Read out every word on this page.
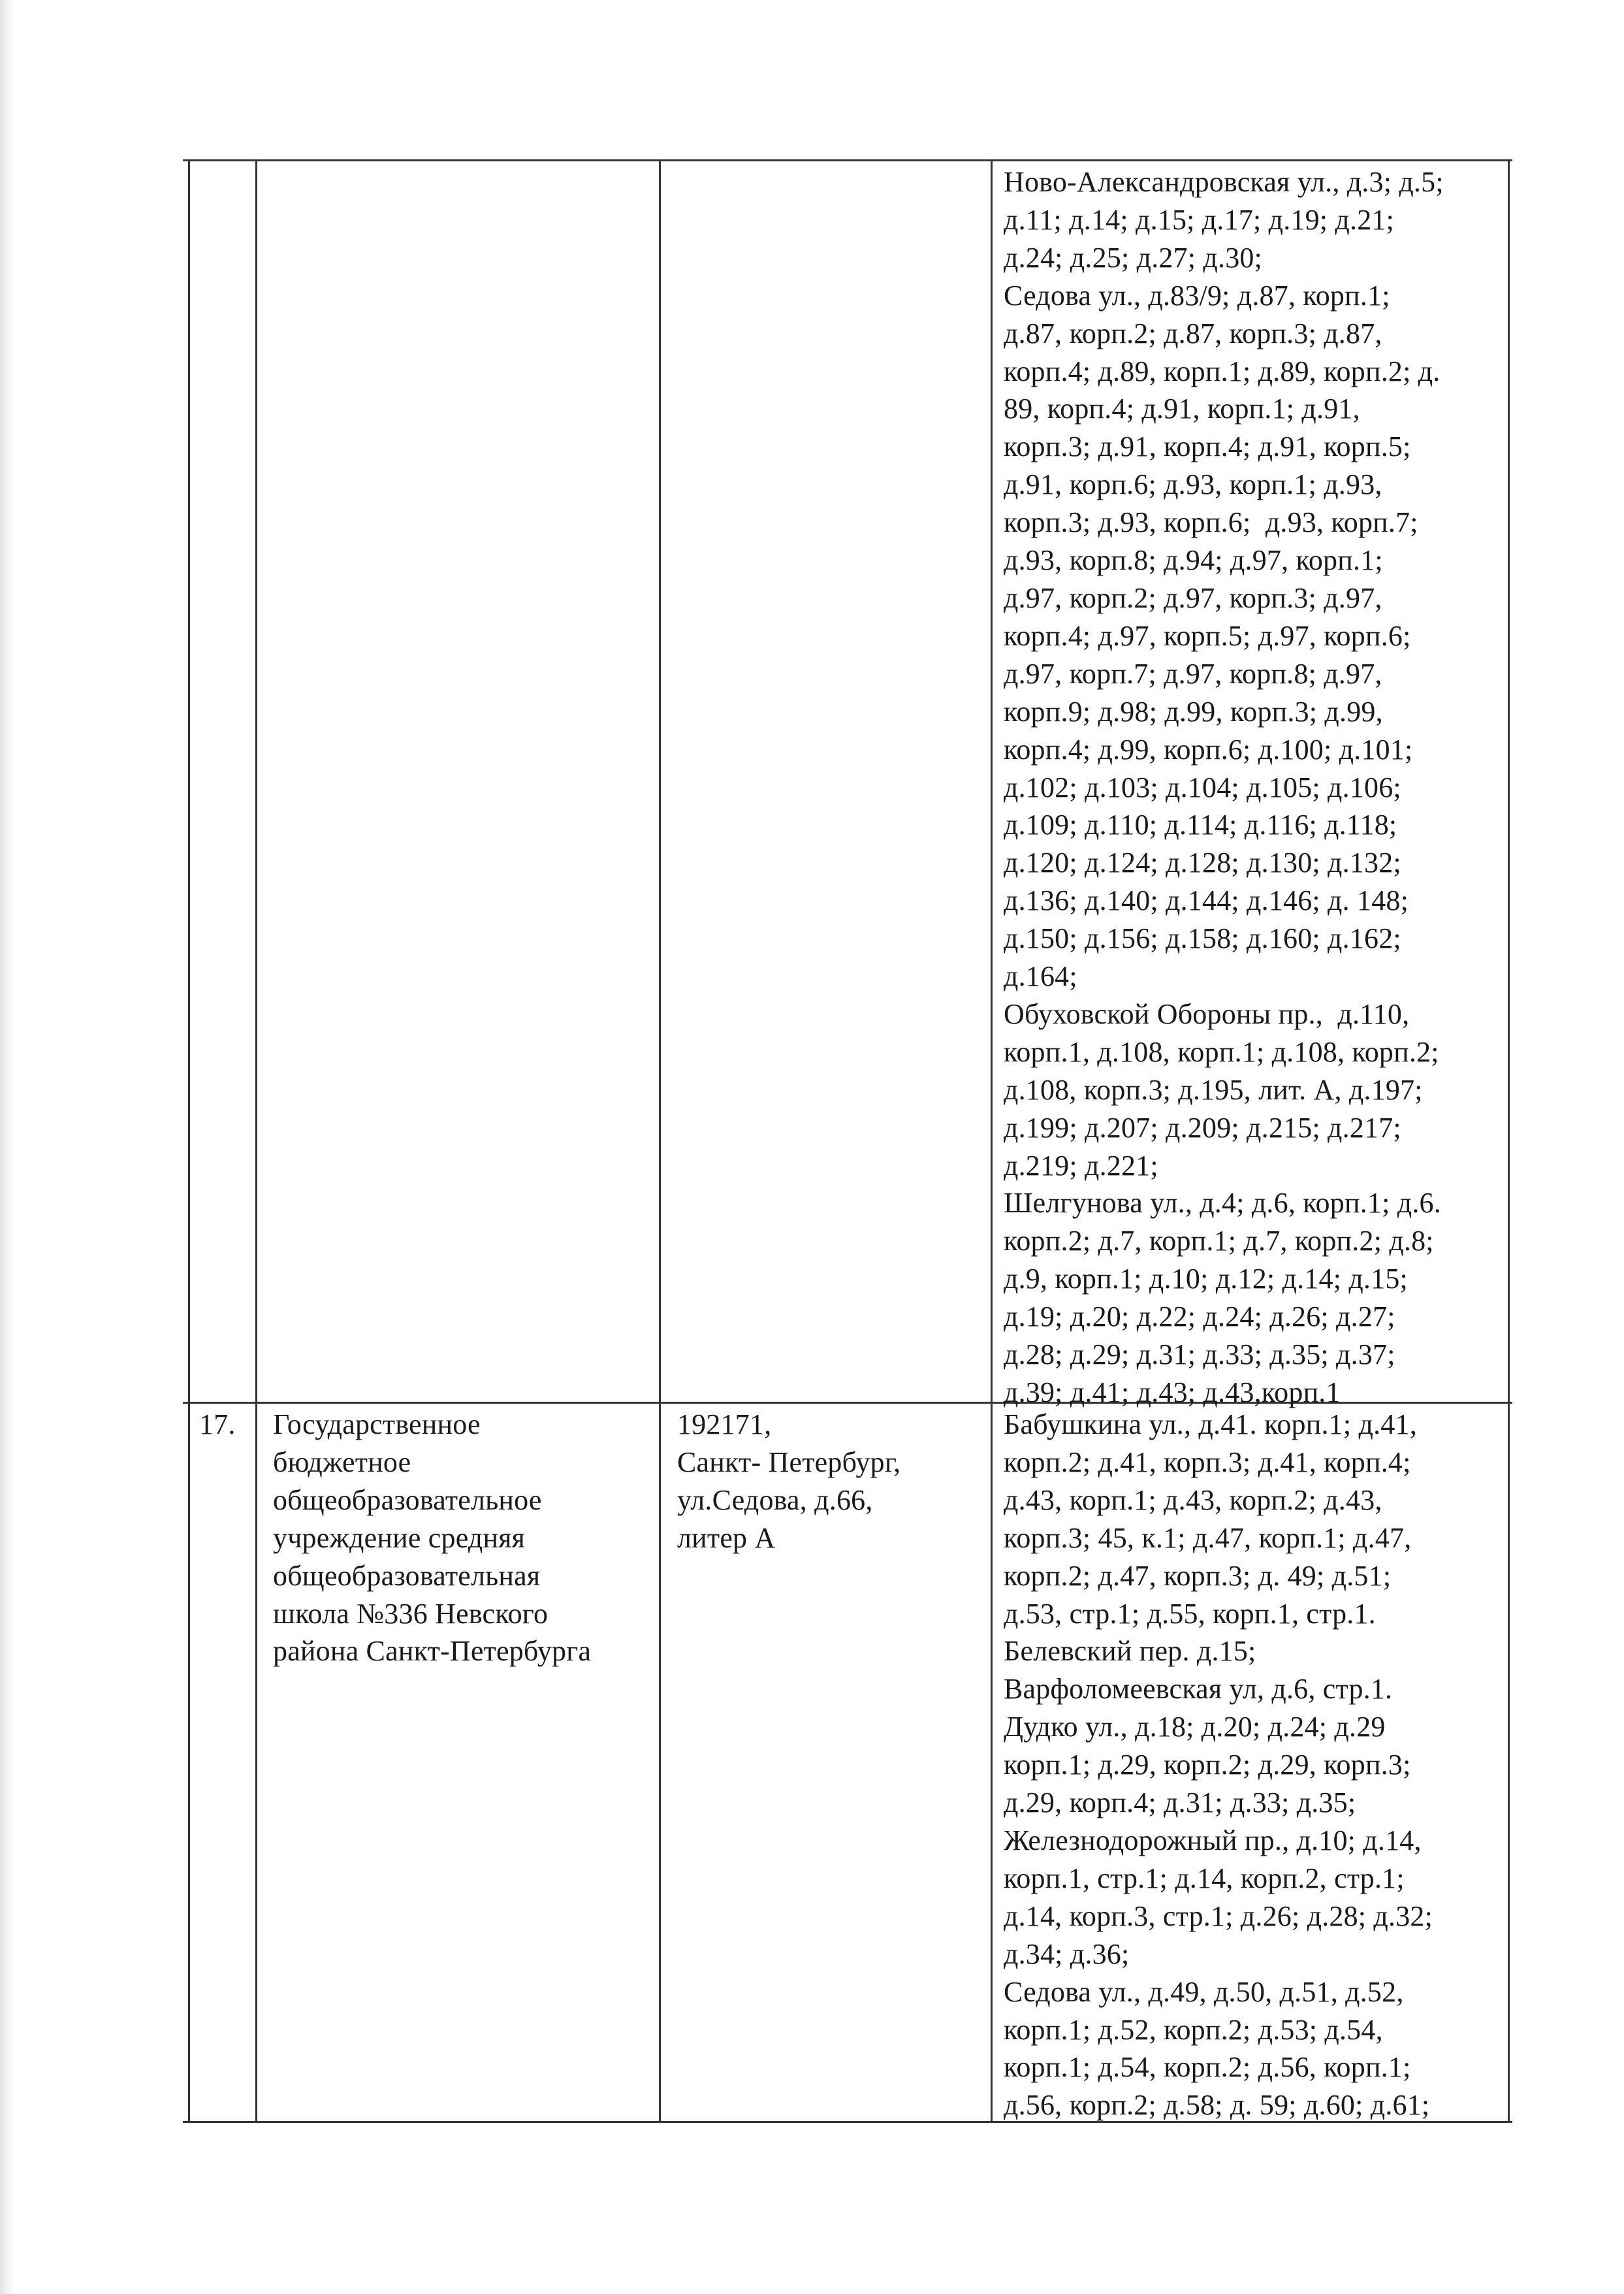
Ново-Александровская ул., д.3; д.5;
д.11; д.14; д.15; д.17; д.19; д.21;
д.24; д.25; д.27; д.30;
Седова ул., д.83/9; д.87, корп.1;
д.87, корп.2; д.87, корп.3; д.87,
корп.4; д.89, корп.1; д.89, корп.2; д.
89, корп.4; д.91, корп.1; д.91,
корп.3; д.91, корп.4; д.91, корп.5;
д.91, корп.6; д.93, корп.1; д.93,
корп.3; д.93, корп.6;  д.93, корп.7;
д.93, корп.8; д.94; д.97, корп.1;
д.97, корп.2; д.97, корп.3; д.97,
корп.4; д.97, корп.5; д.97, корп.6;
д.97, корп.7; д.97, корп.8; д.97,
корп.9; д.98; д.99, корп.3; д.99,
корп.4; д.99, корп.6; д.100; д.101;
д.102; д.103; д.104; д.105; д.106;
д.109; д.110; д.114; д.116; д.118;
д.120; д.124; д.128; д.130; д.132;
д.136; д.140; д.144; д.146; д. 148;
д.150; д.156; д.158; д.160; д.162;
д.164;
Обуховской Обороны пр.,  д.110,
корп.1, д.108, корп.1; д.108, корп.2;
д.108, корп.3; д.195, лит. А, д.197;
д.199; д.207; д.209; д.215; д.217;
д.219; д.221;
Шелгунова ул., д.4; д.6, корп.1; д.6.
корп.2; д.7, корп.1; д.7, корп.2; д.8;
д.9, корп.1; д.10; д.12; д.14; д.15;
д.19; д.20; д.22; д.24; д.26; д.27;
д.28; д.29; д.31; д.33; д.35; д.37;
д.39; д.41; д.43; д.43,корп.1
17. Государственное
бюджетное
общеобразовательное
учреждение средняя
общеобразовательная
школа №336 Невского
района Санкт-Петербурга
192171,
Санкт- Петербург,
ул.Седова, д.66,
литер А
Бабушкина ул., д.41. корп.1; д.41,
корп.2; д.41, корп.3; д.41, корп.4;
д.43, корп.1; д.43, корп.2; д.43,
корп.3; 45, к.1; д.47, корп.1; д.47,
корп.2; д.47, корп.3; д. 49; д.51;
д.53, стр.1; д.55, корп.1, стр.1.
Белевский пер. д.15;
Варфоломеевская ул, д.6, стр.1.
Дудко ул., д.18; д.20; д.24; д.29
корп.1; д.29, корп.2; д.29, корп.3;
д.29, корп.4; д.31; д.33; д.35;
Железнодорожный пр., д.10; д.14,
корп.1, стр.1; д.14, корп.2, стр.1;
д.14, корп.3, стр.1; д.26; д.28; д.32;
д.34; д.36;
Седова ул., д.49, д.50, д.51, д.52,
корп.1; д.52, корп.2; д.53; д.54,
корп.1; д.54, корп.2; д.56, корп.1;
д.56, корп.2; д.58; д. 59; д.60; д.61;
